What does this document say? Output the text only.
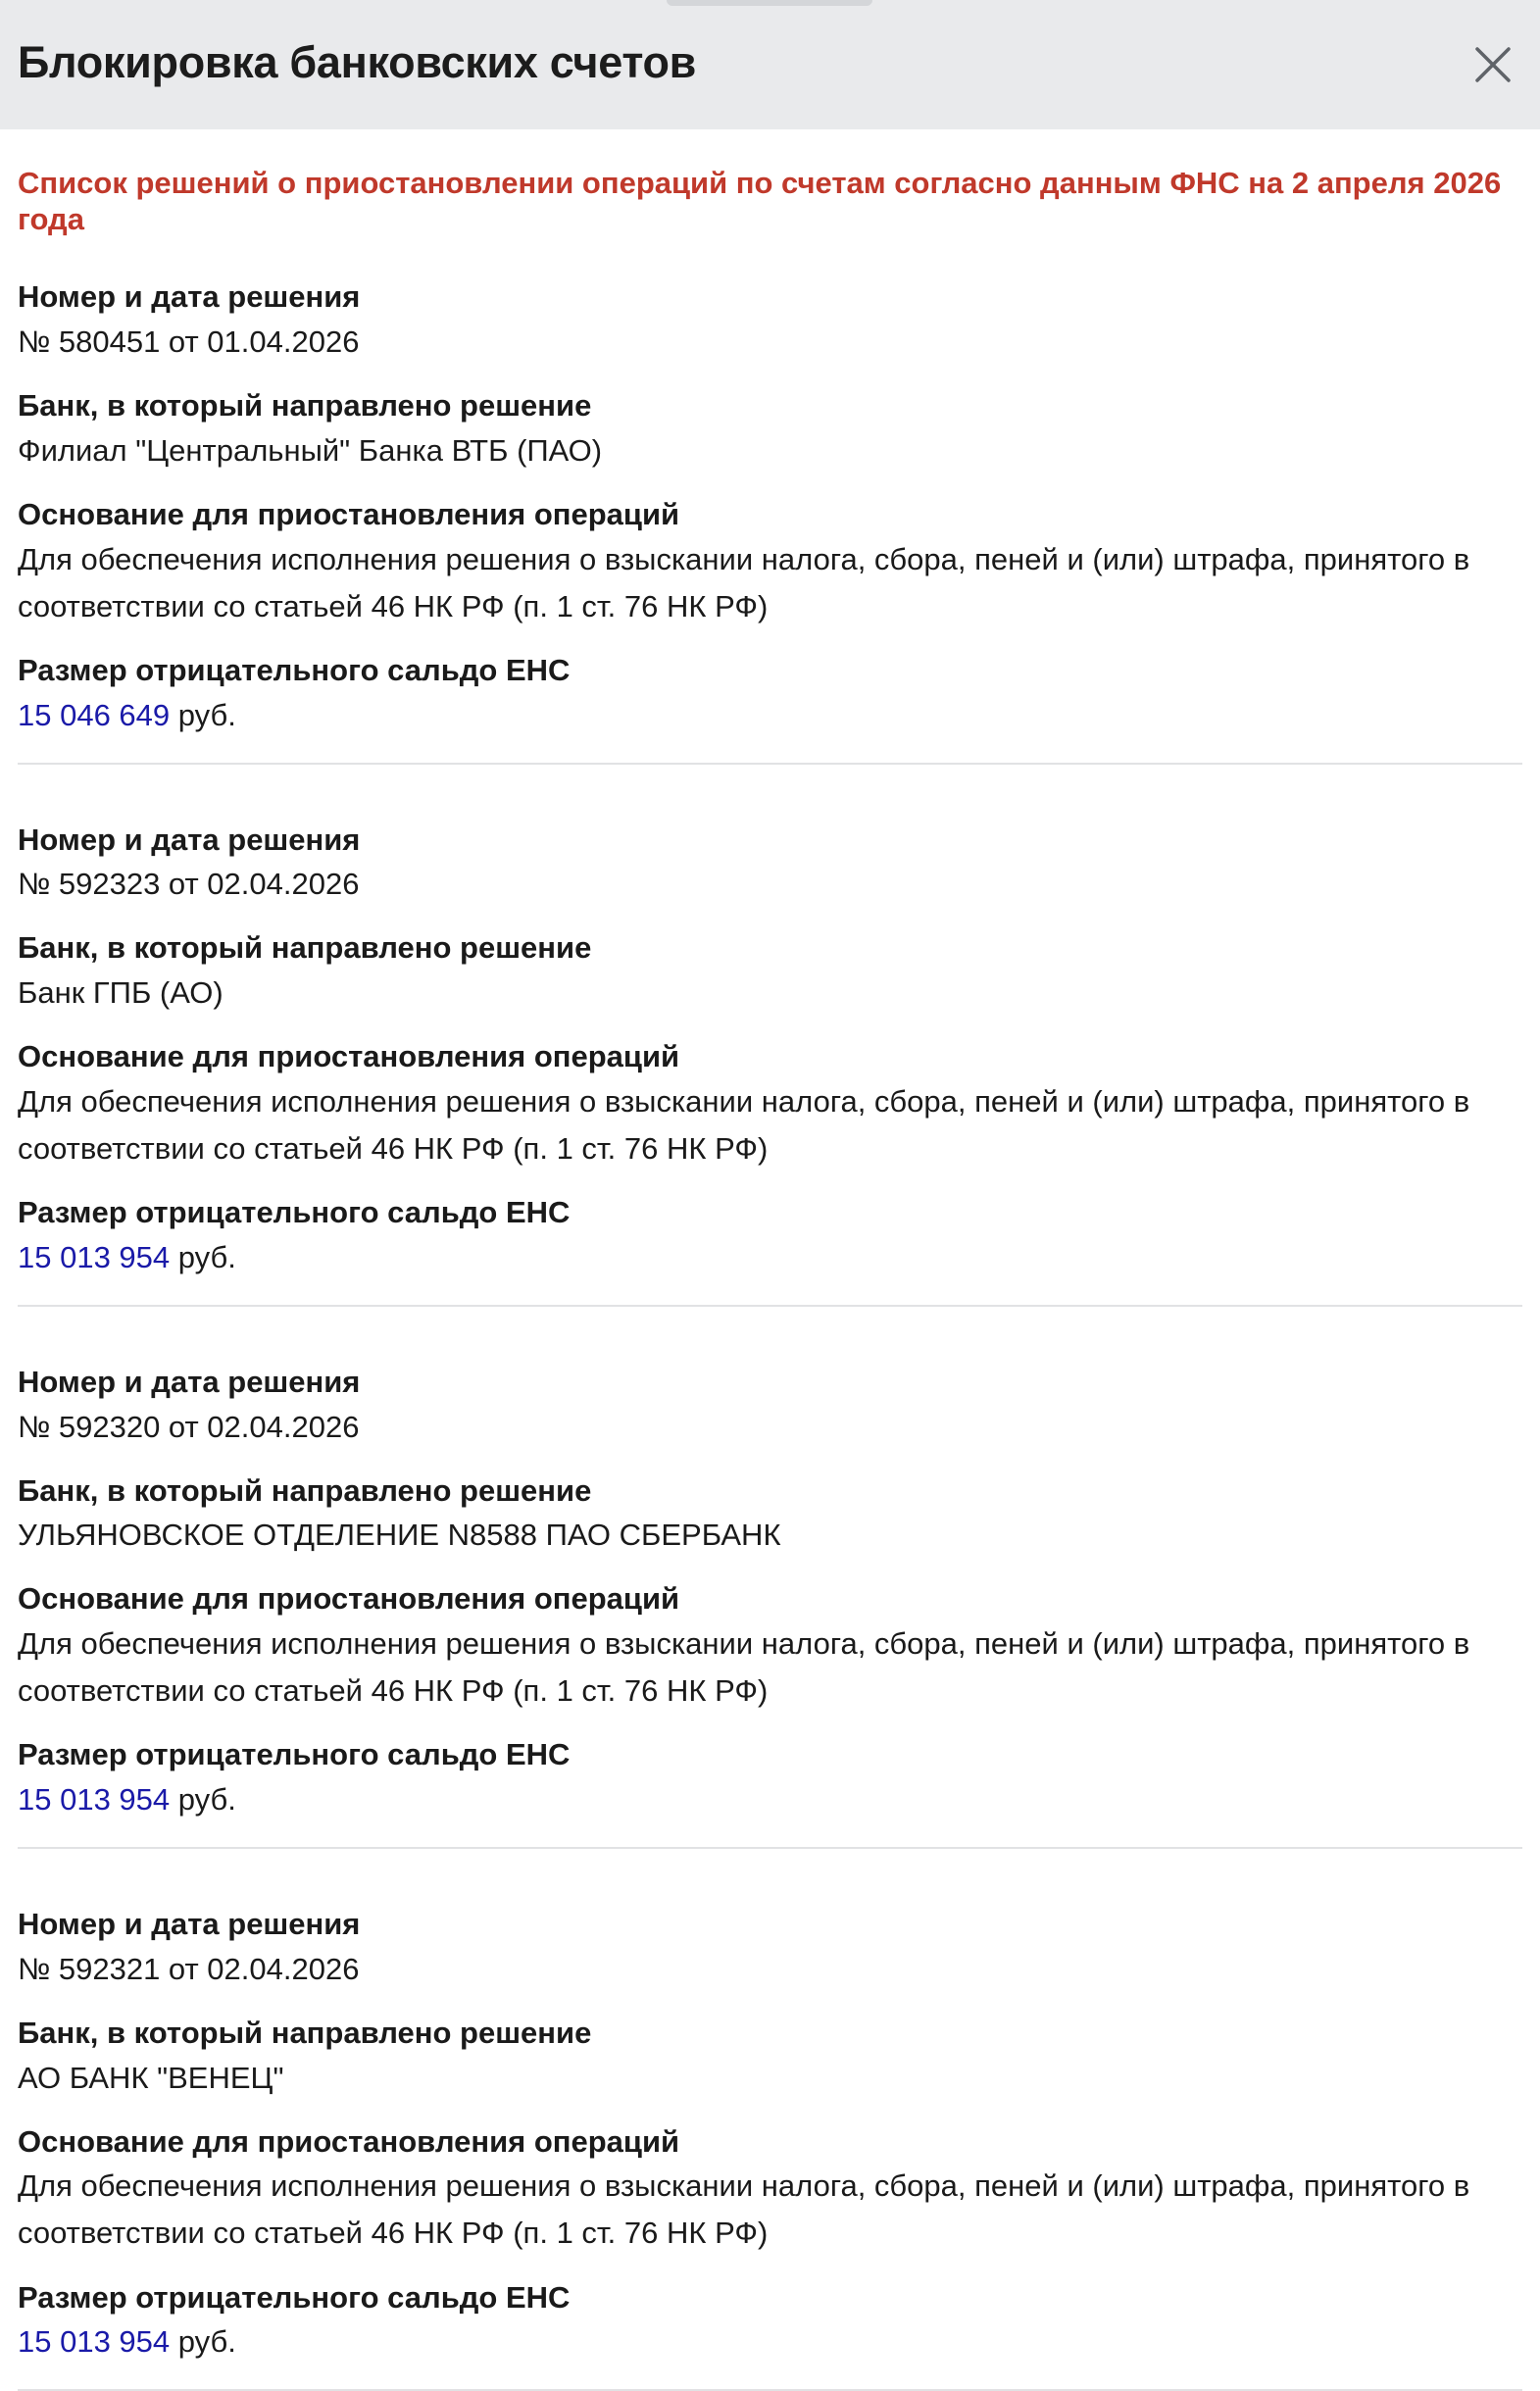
Блокировка банковских счетов
Список решений о приостановлении операций по счетам согласно данным ФНС на 2 апреля 2026 года
Номер и дата решения
№ 580451 от 01.04.2026
Банк, в который направлено решение
Филиал "Центральный" Банка ВТБ (ПАО)
Основание для приостановления операций
Для обеспечения исполнения решения о взыскании налога, сбора, пеней и (или) штрафа, принятого в соответствии со статьей 46 НК РФ (п. 1 ст. 76 НК РФ)
Размер отрицательного сальдо ЕНС
15 046 649 руб.
Номер и дата решения
№ 592323 от 02.04.2026
Банк, в который направлено решение
Банк ГПБ (АО)
Основание для приостановления операций
Для обеспечения исполнения решения о взыскании налога, сбора, пеней и (или) штрафа, принятого в соответствии со статьей 46 НК РФ (п. 1 ст. 76 НК РФ)
Размер отрицательного сальдо ЕНС
15 013 954 руб.
Номер и дата решения
№ 592320 от 02.04.2026
Банк, в который направлено решение
УЛЬЯНОВСКОЕ ОТДЕЛЕНИЕ N8588 ПАО СБЕРБАНК
Основание для приостановления операций
Для обеспечения исполнения решения о взыскании налога, сбора, пеней и (или) штрафа, принятого в соответствии со статьей 46 НК РФ (п. 1 ст. 76 НК РФ)
Размер отрицательного сальдо ЕНС
15 013 954 руб.
Номер и дата решения
№ 592321 от 02.04.2026
Банк, в который направлено решение
АО БАНК "ВЕНЕЦ"
Основание для приостановления операций
Для обеспечения исполнения решения о взыскании налога, сбора, пеней и (или) штрафа, принятого в соответствии со статьей 46 НК РФ (п. 1 ст. 76 НК РФ)
Размер отрицательного сальдо ЕНС
15 013 954 руб.
